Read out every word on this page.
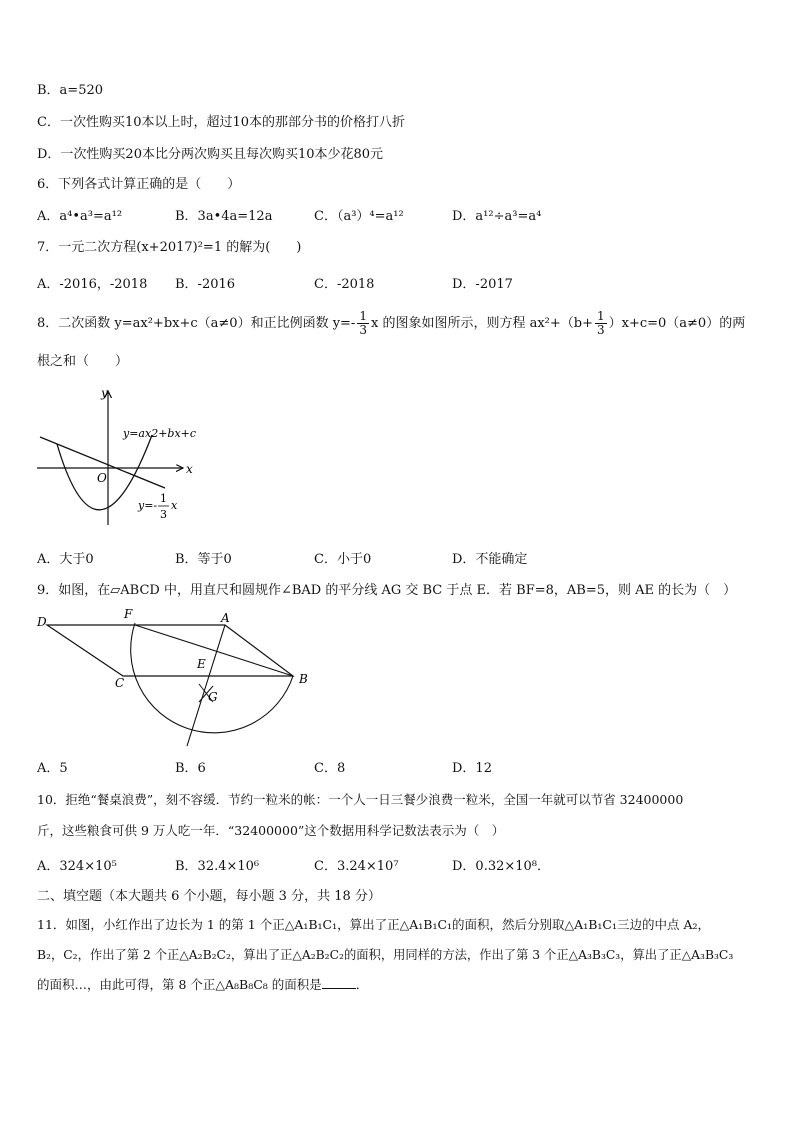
B．a=520
C．一次性购买10本以上时，超过10本的那部分书的价格打八折
D．一次性购买20本比分两次购买且每次购买10本少花80元
6．下列各式计算正确的是（　　）
A．a⁴•a³=a¹²	B．3a•4a=12a	C．（a³）⁴=a¹²	D．a¹²÷a³=a⁴
7．一元二次方程(x+2017)²=1 的解为(　　)
A．-2016，-2018 B．-2016	C．-2018	D．-2017
8．二次函数 y=ax²+bx+c（a≠0）和正比例函数 $y=- \frac{1}{3}$ x 的图象如图所示，则方程 $ax^2+(b+ \frac{1}{3} )x+c=0(a\ne 0)$的两
根之和（　　）
y
x
O
y=ax2+bx+c
y=-
1
3
x
A．大于0	B．等于0	C．小于0	D．不能确定
9．如图，在▱ABCD 中，用直尺和圆规作∠BAD 的平分线 AG 交 BC 于点 E．若 BF=8，AB=5，则 AE 的长为（　）
D
F	A
E
C	B
G
A．5	B．6	C．8	D．12
10．拒绝“餐桌浪费”，刻不容缓．节约一粒米的帐：一个人一日三餐少浪费一粒米，全国一年就可以节省 32400000
斤，这些粮食可供 9 万人吃一年．“32400000”这个数据用科学记数法表示为（　）
A．324×10⁵	B．32.4×10⁶	C．3.24×10⁷	D．0.32×10⁸．
二、填空题（本大题共 6 个小题，每小题 3 分，共 18 分）
11．如图，小红作出了边长为 1 的第 1 个正△A₁B₁C₁，算出了正△A₁B₁C₁的面积，然后分别取△A₁B₁C₁三边的中点 A₂，
B₂，C₂，作出了第 2 个正△A₂B₂C₂，算出了正△A₂B₂C₂的面积，用同样的方法，作出了第 3 个正△A₃B₃C₃，算出了正△A₃B₃C₃
的面积…，由此可得，第 8 个正△A₈B₈C₈ 的面积是	．
